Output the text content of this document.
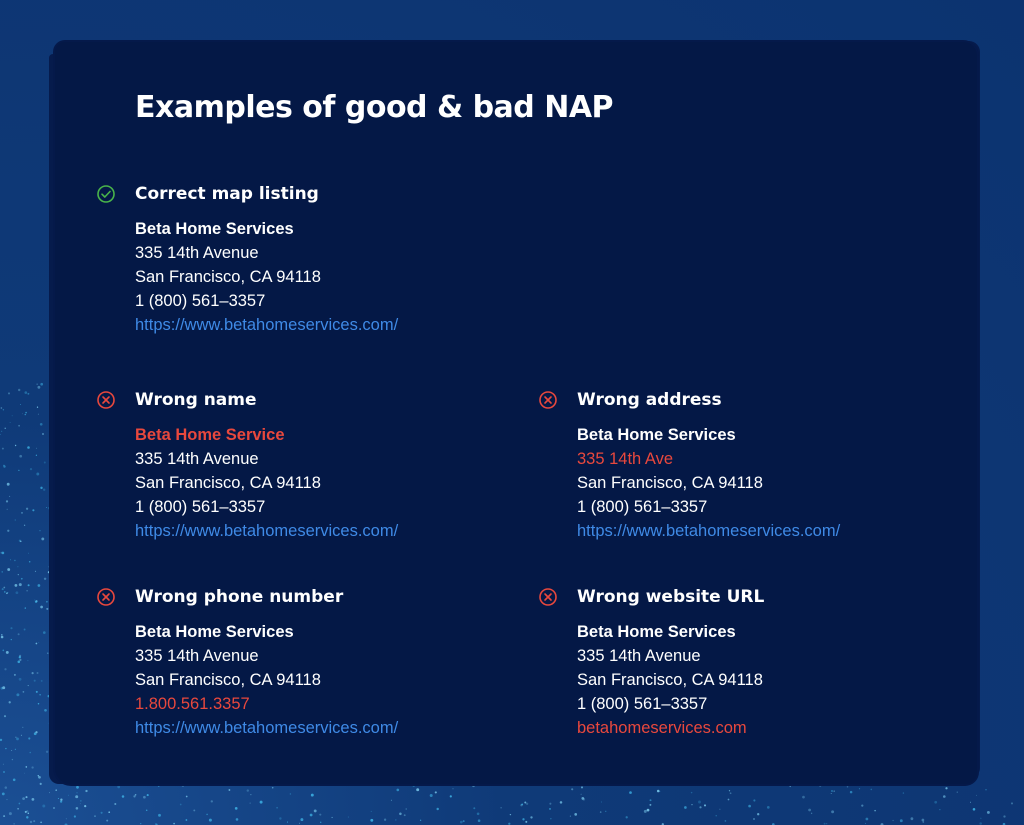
Examples of good & bad NAP
Correct map listing
Beta Home Services
335 14th Avenue
San Francisco, CA 94118
1 (800) 561–3357
https://www.betahomeservices.com/
Wrong name
Beta Home Service
335 14th Avenue
San Francisco, CA 94118
1 (800) 561–3357
https://www.betahomeservices.com/
Wrong address
Beta Home Services
335 14th Ave
San Francisco, CA 94118
1 (800) 561–3357
https://www.betahomeservices.com/
Wrong phone number
Beta Home Services
335 14th Avenue
San Francisco, CA 94118
1.800.561.3357
https://www.betahomeservices.com/
Wrong website URL
Beta Home Services
335 14th Avenue
San Francisco, CA 94118
1 (800) 561–3357
betahomeservices.com
